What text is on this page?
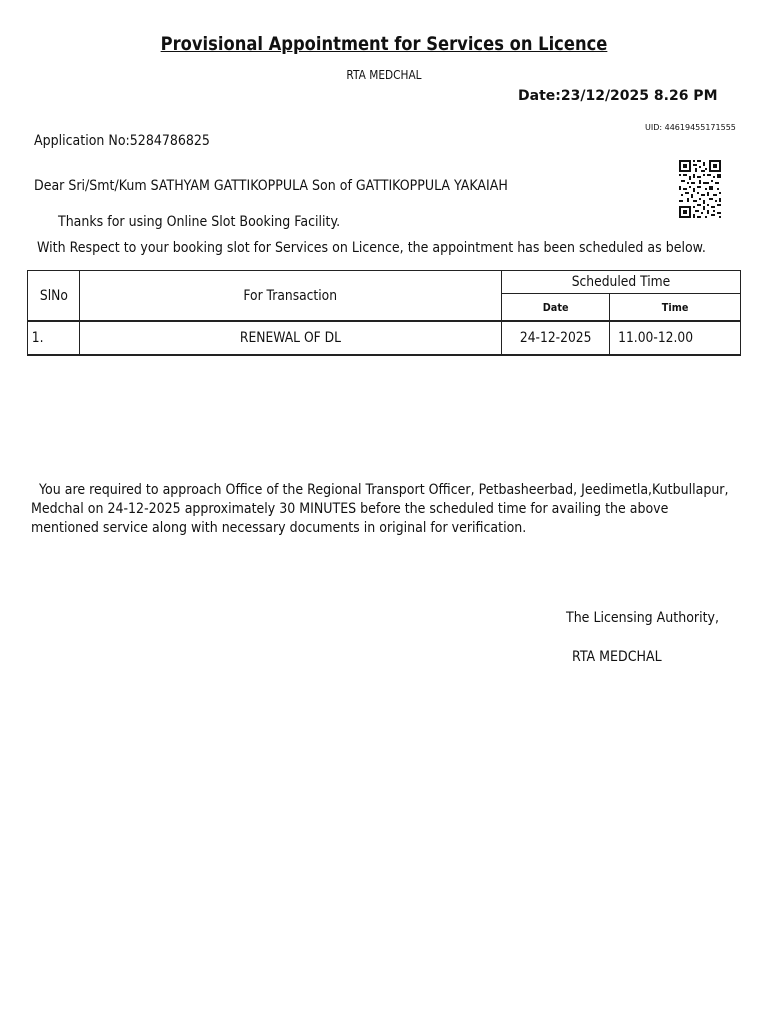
Provisional Appointment for Services on Licence
RTA MEDCHAL
Date:23/12/2025 8.26 PM
UID: 44619455171555
Application No:5284786825
Dear Sri/Smt/Kum SATHYAM GATTIKOPPULA Son of GATTIKOPPULA YAKAIAH
Thanks for using Online Slot Booking Facility.
With Respect to your booking slot for Services on Licence, the appointment has been scheduled as below.
SlNo	For Transaction	Scheduled Time	
		Date	Time
1.	RENEWAL OF DL	24-12-2025	11.00-12.00
You are required to approach Office of the Regional Transport Officer, Petbasheerbad, Jeedimetla,Kutbullapur,
Medchal on 24-12-2025 approximately 30 MINUTES before the scheduled time for availing the above
mentioned service along with necessary documents in original for verification.
The Licensing Authority,
RTA MEDCHAL
